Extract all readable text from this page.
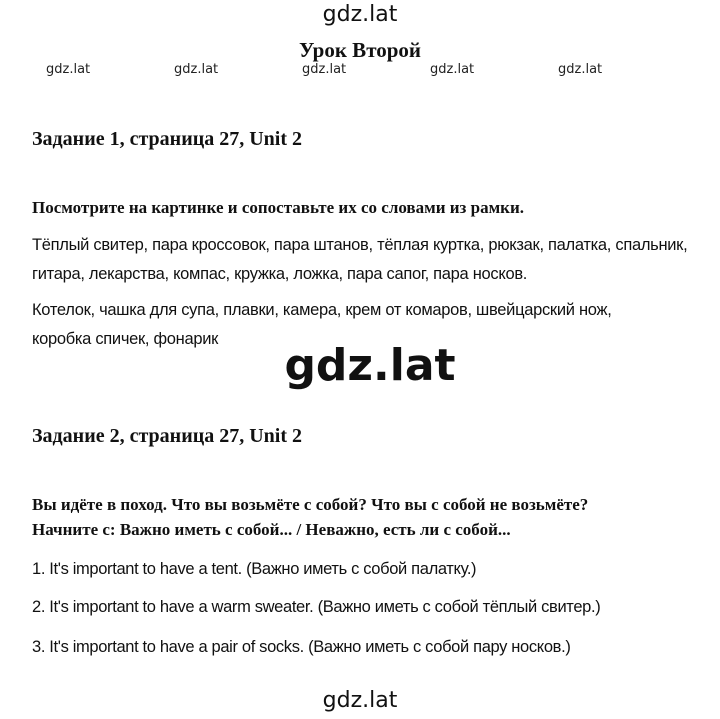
gdz.lat
Урок Второй
gdz.lat	gdz.lat	gdz.lat	gdz.lat	gdz.lat
Задание 1, страница 27, Unit 2
Посмотрите на картинке и сопоставьте их со словами из рамки.
Тёплый свитер, пара кроссовок, пара штанов, тёплая куртка, рюкзак, палатка, спальник, гитара, лекарства, компас, кружка, ложка, пара сапог, пара носков.
Котелок, чашка для супа, плавки, камера, крем от комаров, швейцарский нож, коробка спичек, фонарик
gdz.lat
Задание 2, страница 27, Unit 2
Вы идёте в поход. Что вы возьмёте с собой? Что вы с собой не возьмёте?
Начните с: Важно иметь с собой... / Неважно, есть ли с собой...
1. It's important to have a tent. (Важно иметь с собой палатку.)
2. It's important to have a warm sweater. (Важно иметь с собой тёплый свитер.)
3. It's important to have a pair of socks. (Важно иметь с собой пару носков.)
gdz.lat
